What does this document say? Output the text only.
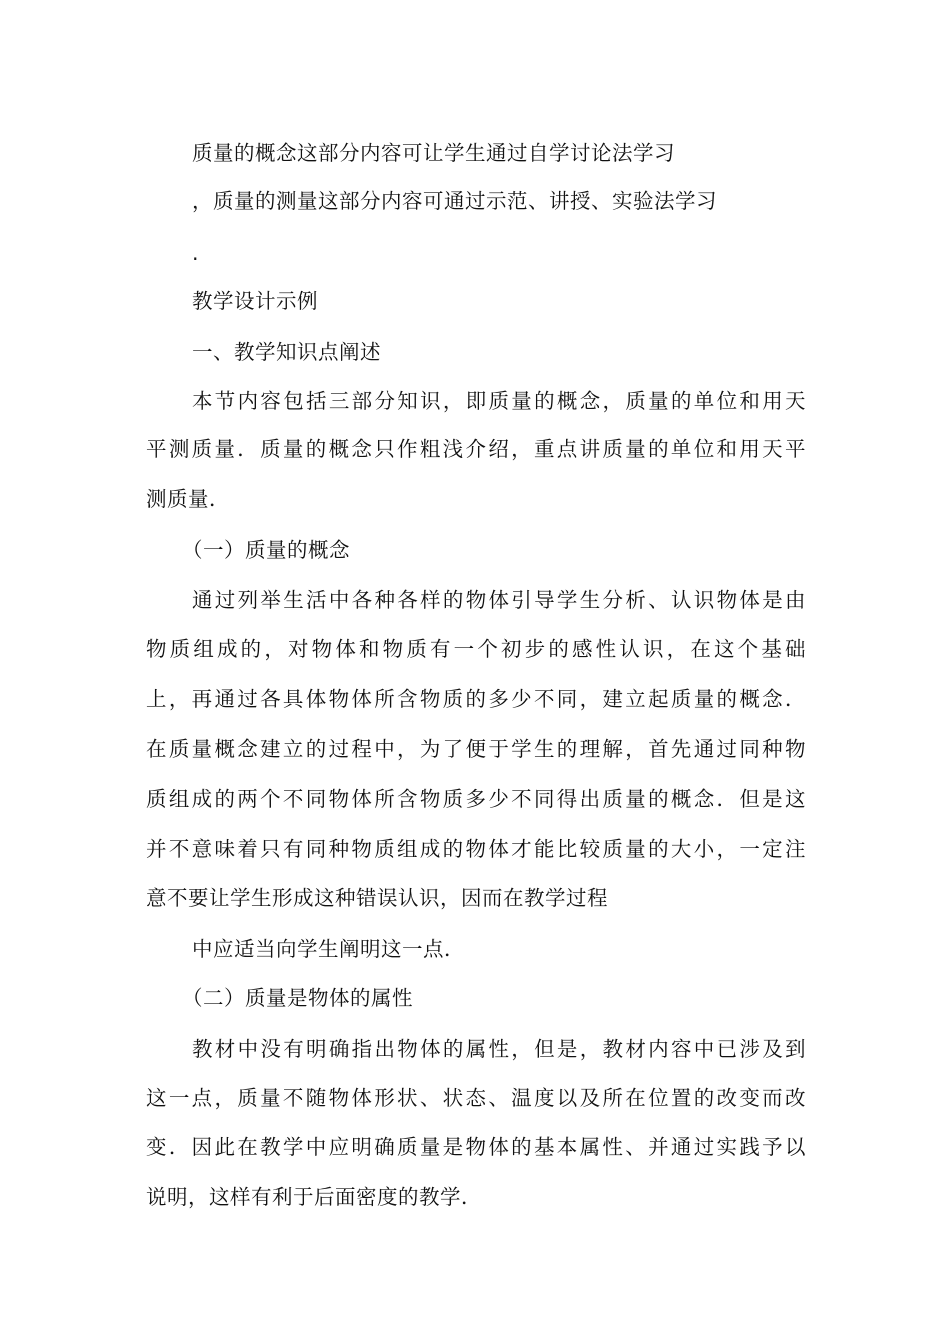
质量的概念这部分内容可让学生通过自学讨论法学习
，质量的测量这部分内容可通过示范、讲授、实验法学习
.
教学设计示例
一、教学知识点阐述
本节内容包括三部分知识，即质量的概念，质量的单位和用天
平测质量．质量的概念只作粗浅介绍，重点讲质量的单位和用天平
测质量．
（一）质量的概念
通过列举生活中各种各样的物体引导学生分析、认识物体是由
物质组成的，对物体和物质有一个初步的感性认识，在这个基础
上，再通过各具体物体所含物质的多少不同，建立起质量的概念．
在质量概念建立的过程中，为了便于学生的理解，首先通过同种物
质组成的两个不同物体所含物质多少不同得出质量的概念．但是这
并不意味着只有同种物质组成的物体才能比较质量的大小，一定注
意不要让学生形成这种错误认识，因而在教学过程
中应适当向学生阐明这一点．
（二）质量是物体的属性
教材中没有明确指出物体的属性，但是，教材内容中已涉及到
这一点，质量不随物体形状、状态、温度以及所在位置的改变而改
变．因此在教学中应明确质量是物体的基本属性、并通过实践予以
说明，这样有利于后面密度的教学．
